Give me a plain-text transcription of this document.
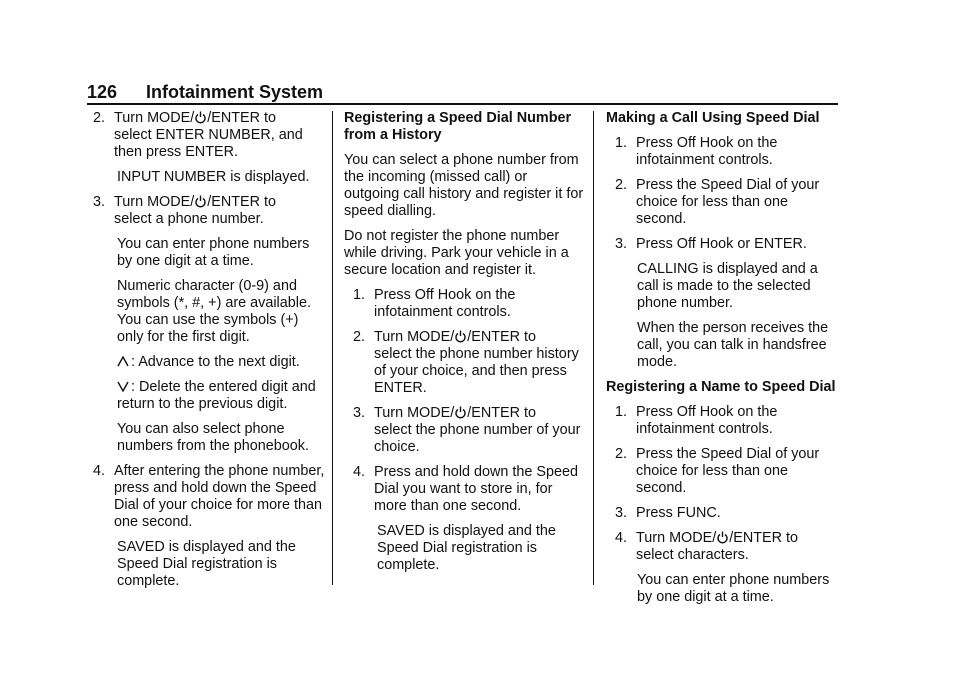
126 Infotainment System
2. Turn MODE/ /ENTER to
select ENTER NUMBER, and then press ENTER.

INPUT NUMBER is displayed.

3. Turn MODE/ /ENTER to
select a phone number.

You can enter phone numbers by one digit at a time.

Numeric character (0-9) and symbols (*, #, +) are available. You can use the symbols (+) only for the first digit.

: Advance to the next digit.

: Delete the entered digit and return to the previous digit.

You can also select phone numbers from the phonebook.

4. After entering the phone number, press and hold down the Speed Dial of your choice for more than one second.

SAVED is displayed and the Speed Dial registration is complete.

Registering a Speed Dial Number from a History

You can select a phone number from the incoming (missed call) or outgoing call history and register it for speed dialling.

Do not register the phone number while driving. Park your vehicle in a secure location and register it.

1. Press Off Hook on the infotainment controls.
2. Turn MODE/ /ENTER to
select the phone number history of your choice, and then press ENTER.
3. Turn MODE/ /ENTER to
select the phone number of your choice.
4. Press and hold down the Speed Dial you want to store in, for more than one second.

SAVED is displayed and the Speed Dial registration is complete.

Making a Call Using Speed Dial

1. Press Off Hook on the infotainment controls.
2. Press the Speed Dial of your choice for less than one second.
3. Press Off Hook or ENTER.

CALLING is displayed and a call is made to the selected phone number.

When the person receives the call, you can talk in handsfree mode.

Registering a Name to Speed Dial

1. Press Off Hook on the infotainment controls.
2. Press the Speed Dial of your choice for less than one second.
3. Press FUNC.
4. Turn MODE/ /ENTER to
select characters.

You can enter phone numbers by one digit at a time.
